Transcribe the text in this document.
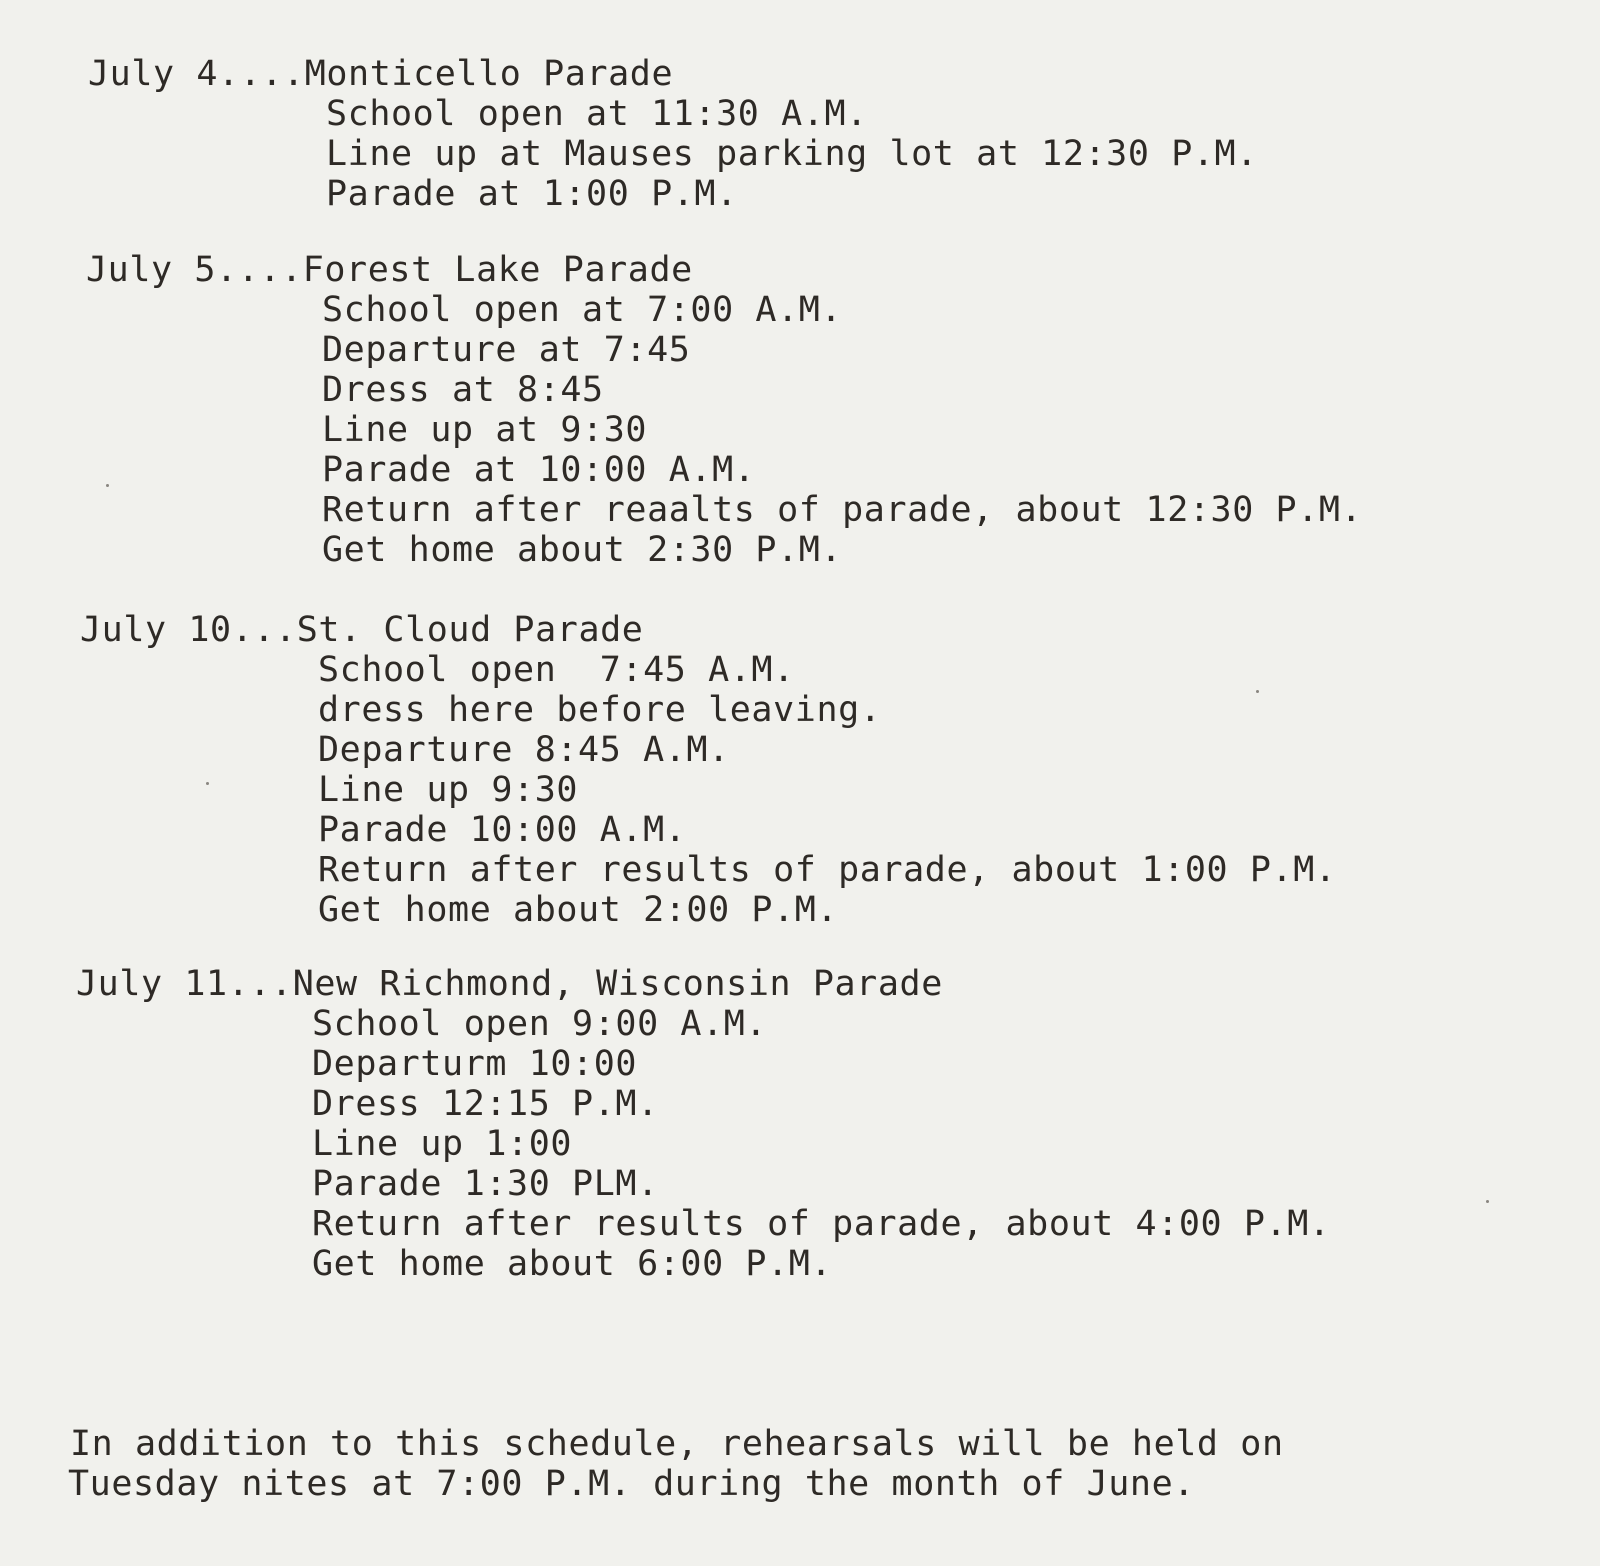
July 4....Monticello Parade
School open at 11:30 A.M.
Line up at Mauses parking lot at 12:30 P.M.
Parade at 1:00 P.M.
July 5....Forest Lake Parade
School open at 7:00 A.M.
Departure at 7:45
Dress at 8:45
Line up at 9:30
Parade at 10:00 A.M.
Return after reaalts of parade, about 12:30 P.M.
Get home about 2:30 P.M.
July 10...St. Cloud Parade
School open  7:45 A.M.
dress here before leaving.
Departure 8:45 A.M.
Line up 9:30
Parade 10:00 A.M.
Return after results of parade, about 1:00 P.M.
Get home about 2:00 P.M.
July 11...New Richmond, Wisconsin Parade
School open 9:00 A.M.
Departurm 10:00
Dress 12:15 P.M.
Line up 1:00
Parade 1:30 PLM.
Return after results of parade, about 4:00 P.M.
Get home about 6:00 P.M.
In addition to this schedule, rehearsals will be held on
Tuesday nites at 7:00 P.M. during the month of June.
